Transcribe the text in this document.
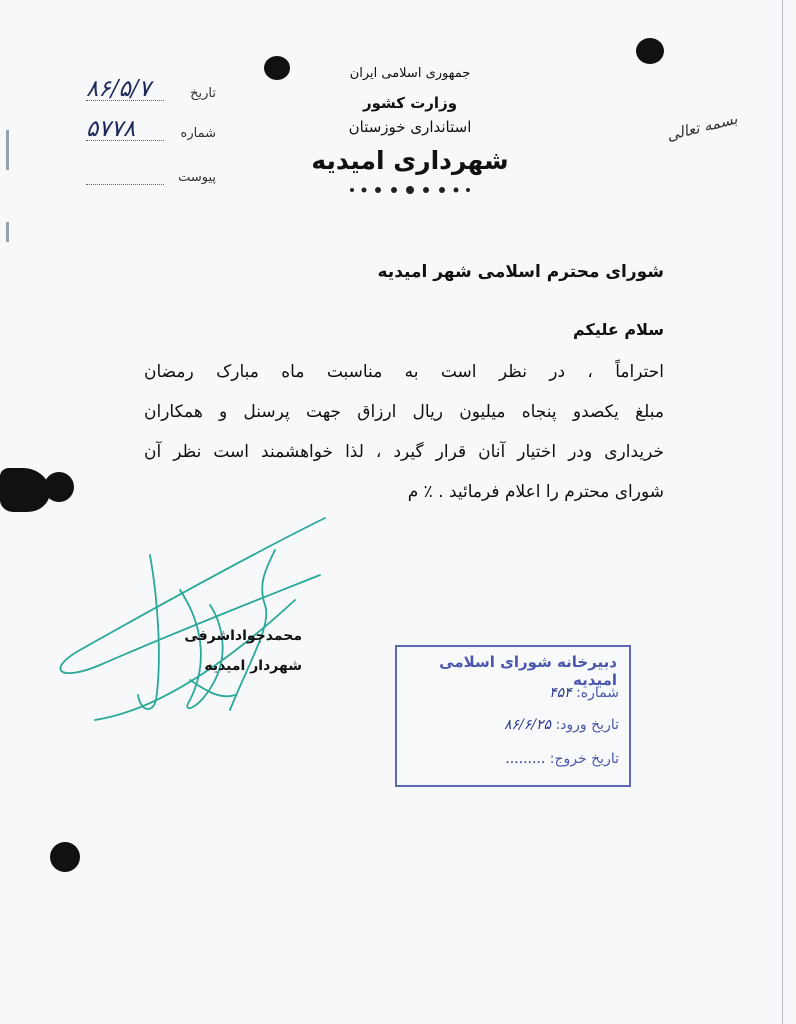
جمهوری اسلامی ایران
وزارت کشور
استانداری خوزستان
شهرداری امیدیه
بسمه تعالی
تاریخ
۸۶/۵/۷
شماره
۵۷۷۸
پیوست
شورای محترم اسلامی شهر امیدیه
سلام علیکم
احتراماً ، در نظر است به مناسبت ماه مبارک رمضان
مبلغ یکصدو پنجاه میلیون ریال ارزاق جهت پرسنل و همکاران
خریداری ودر اختیار آنان قرار گیرد ، لذا خواهشمند است نظر آن
شورای محترم را اعلام فرمائید . ٪ م
محمدجواداشرفی
شهردار امیدیه	دبیرخانه شورای اسلامی امیدیه
شماره: ۴۵۴
تاریخ ورود: ۸۶/۶/۲۵
تاریخ خروج: .........
